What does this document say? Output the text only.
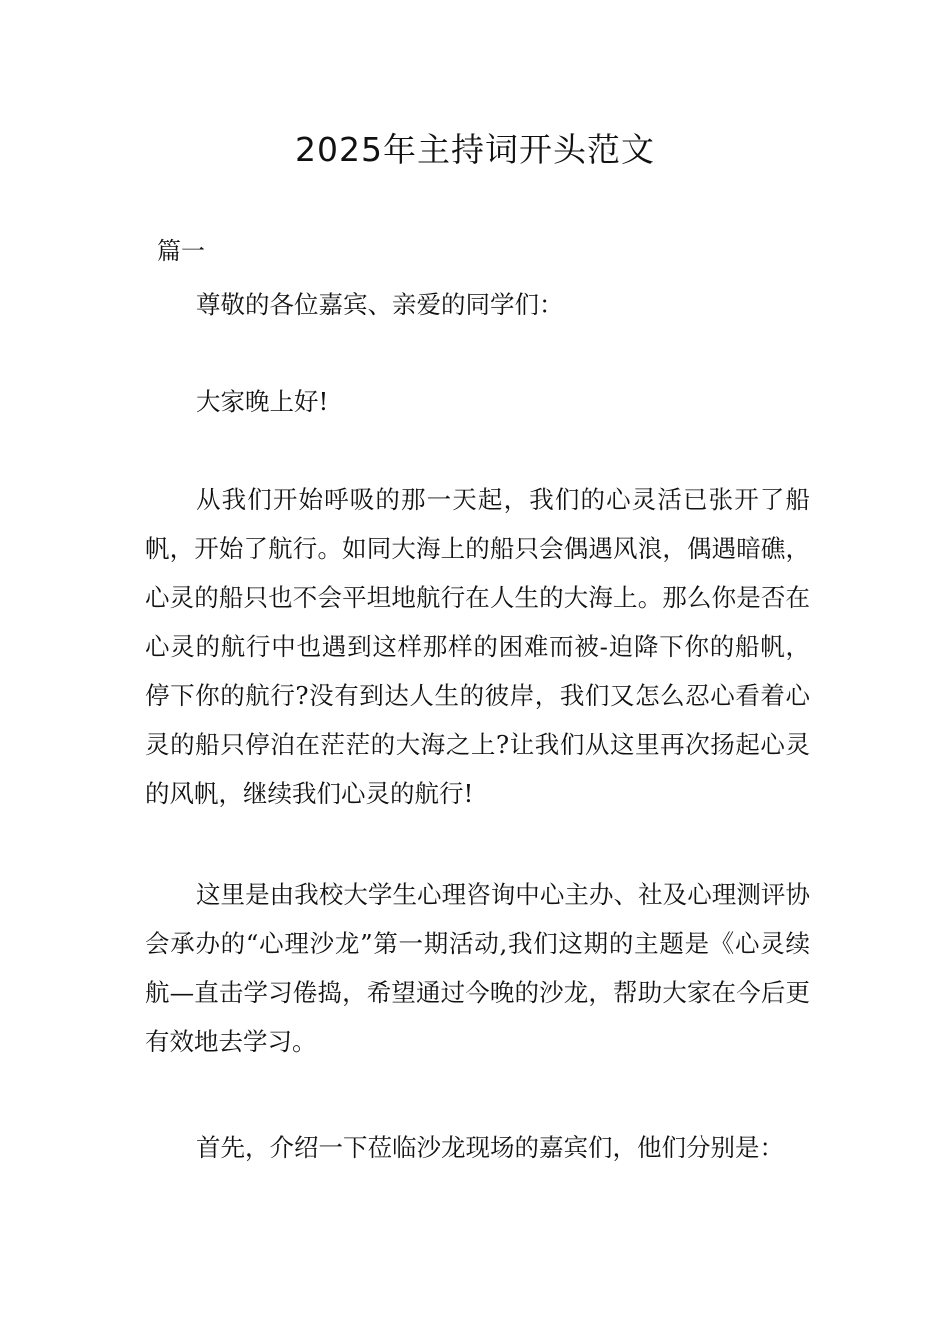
2025年主持词开头范文
篇一

尊敬的各位嘉宾、亲爱的同学们：

大家晚上好!

从我们开始呼吸的那一天起，我们的心灵活已张开了船帆，开始了航行。如同大海上的船只会偶遇风浪，偶遇暗礁，心灵的船只也不会平坦地航行在人生的大海上。那么你是否在心灵的航行中也遇到这样那样的困难而被-迫降下你的船帆，停下你的航行?没有到达人生的彼岸，我们又怎么忍心看着心灵的船只停泊在茫茫的大海之上?让我们从这里再次扬起心灵的风帆，继续我们心灵的航行!

这里是由我校大学生心理咨询中心主办、社及心理测评协会承办的“心理沙龙”第一期活动,我们这期的主题是《心灵续航—直击学习倦捣，希望通过今晚的沙龙，帮助大家在今后更有效地去学习。

首先，介绍一下莅临沙龙现场的嘉宾们，他们分别是：
